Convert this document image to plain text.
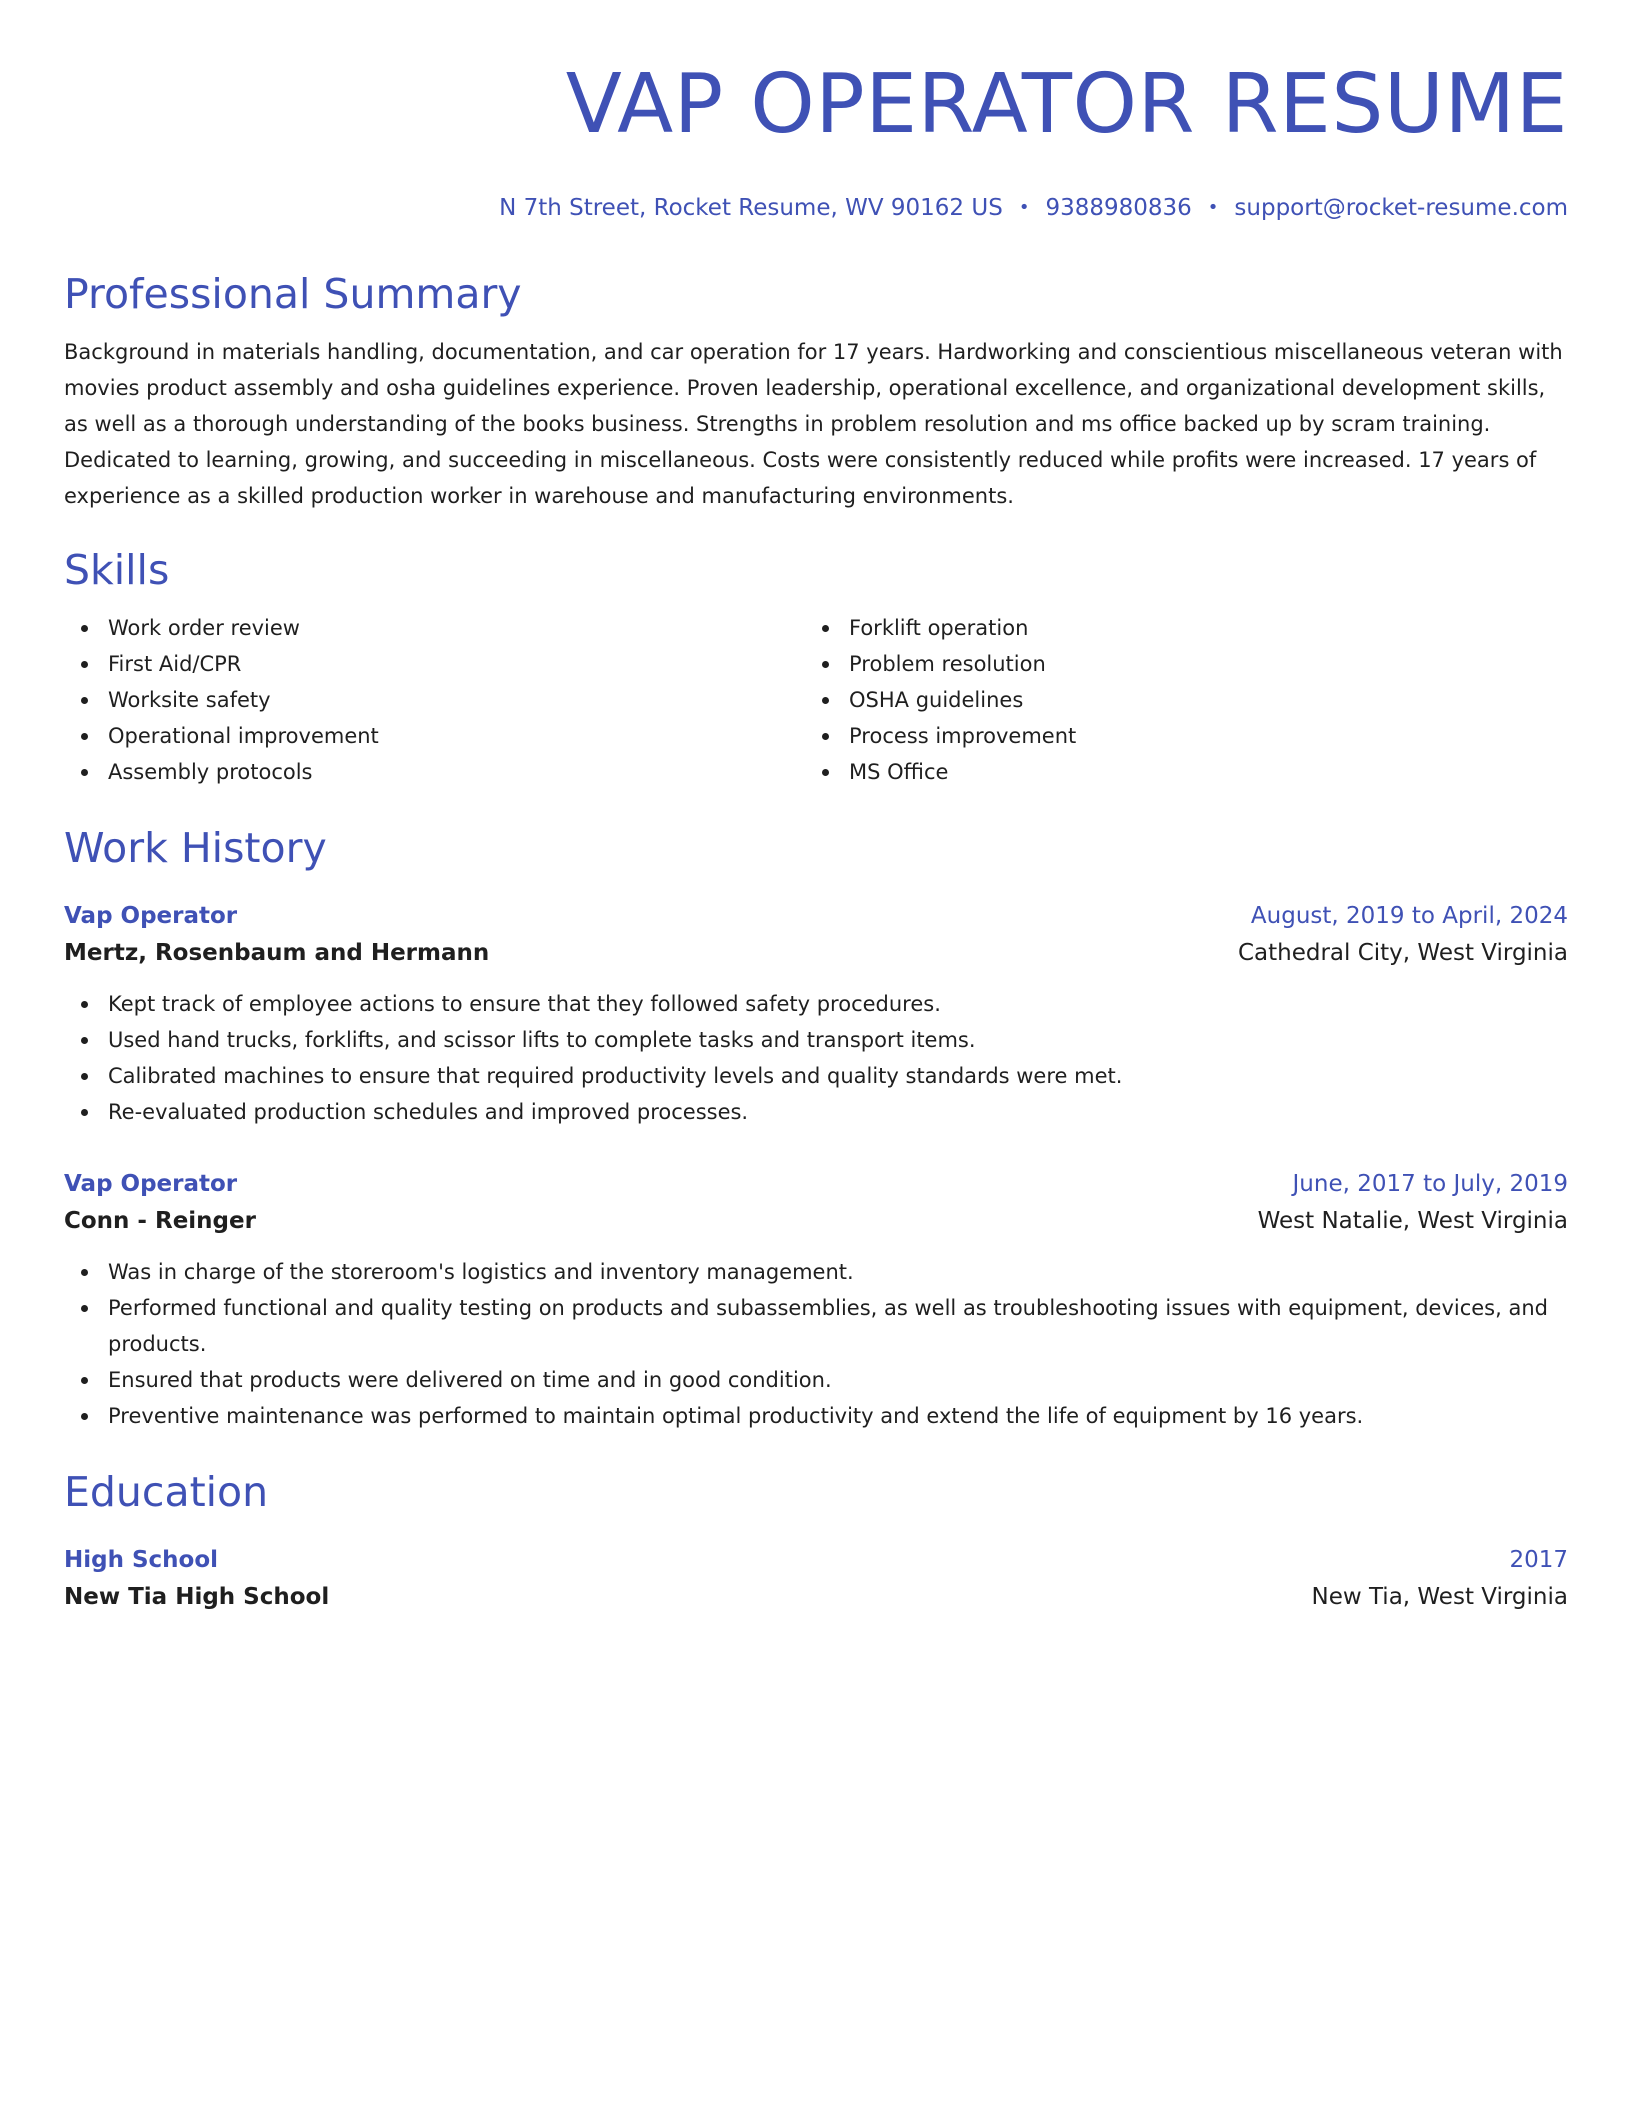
VAP OPERATOR RESUME
N 7th Street, Rocket Resume, WV 90162 US • 9388980836 • support@rocket-resume.com
Professional Summary

Background in materials handling, documentation, and car operation for 17 years. Hardworking and conscientious miscellaneous veteran with movies product assembly and osha guidelines experience. Proven leadership, operational excellence, and organizational development skills, as well as a thorough understanding of the books business. Strengths in problem resolution and ms office backed up by scram training. Dedicated to learning, growing, and succeeding in miscellaneous. Costs were consistently reduced while profits were increased. 17 years of experience as a skilled production worker in warehouse and manufacturing environments.

Skills
Work order review
First Aid/CPR
Worksite safety
Operational improvement
Assembly protocols
Forklift operation
Problem resolution
OSHA guidelines
Process improvement
MS Office
Work History
Vap Operator	August, 2019 to April, 2024
Mertz, Rosenbaum and Hermann	Cathedral City, West Virginia
Kept track of employee actions to ensure that they followed safety procedures.
Used hand trucks, forklifts, and scissor lifts to complete tasks and transport items.
Calibrated machines to ensure that required productivity levels and quality standards were met.
Re-evaluated production schedules and improved processes.
Vap Operator	June, 2017 to July, 2019
Conn - Reinger	West Natalie, West Virginia
Was in charge of the storeroom's logistics and inventory management.
Performed functional and quality testing on products and subassemblies, as well as troubleshooting issues with equipment, devices, and products.
Ensured that products were delivered on time and in good condition.
Preventive maintenance was performed to maintain optimal productivity and extend the life of equipment by 16 years.
Education
High School	2017
New Tia High School	New Tia, West Virginia
